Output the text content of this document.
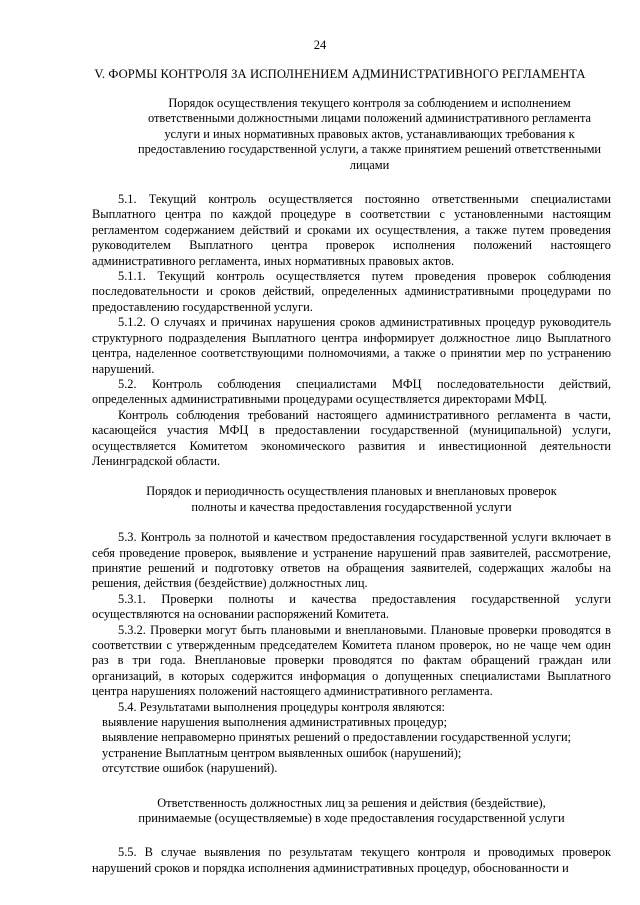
24
V. ФОРМЫ КОНТРОЛЯ ЗА ИСПОЛНЕНИЕМ АДМИНИСТРАТИВНОГО РЕГЛАМЕНТА

Порядок осуществления текущего контроля за соблюдением и исполнением ответственными должностными лицами положений административного регламента услуги и иных нормативных правовых актов, устанавливающих требования к предоставлению государственной услуги, а также принятием решений ответственными лицами

5.1. Текущий контроль осуществляется постоянно ответственными специалистами Выплатного центра по каждой процедуре в соответствии с установленными настоящим регламентом содержанием действий и сроками их осуществления, а также путем проведения руководителем Выплатного центра проверок исполнения положений настоящего административного регламента, иных нормативных правовых актов.

5.1.1. Текущий контроль осуществляется путем проведения проверок соблюдения последовательности и сроков действий, определенных административными процедурами по предоставлению государственной услуги.

5.1.2. О случаях и причинах нарушения сроков административных процедур руководитель структурного подразделения Выплатного центра информирует должностное лицо Выплатного центра, наделенное соответствующими полномочиями, а также о принятии мер по устранению нарушений.

5.2. Контроль соблюдения специалистами МФЦ последовательности действий, определенных административными процедурами осуществляется директорами МФЦ.

Контроль соблюдения требований настоящего административного регламента в части, касающейся участия МФЦ в предоставлении государственной (муниципальной) услуги, осуществляется Комитетом экономического развития и инвестиционной деятельности Ленинградской области.

Порядок и периодичность осуществления плановых и внеплановых проверок полноты и качества предоставления государственной услуги

5.3. Контроль за полнотой и качеством предоставления государственной услуги включает в себя проведение проверок, выявление и устранение нарушений прав заявителей, рассмотрение, принятие решений и подготовку ответов на обращения заявителей, содержащих жалобы на решения, действия (бездействие) должностных лиц.

5.3.1. Проверки полноты и качества предоставления государственной услуги осуществляются на основании распоряжений Комитета.

5.3.2. Проверки могут быть плановыми и внеплановыми. Плановые проверки проводятся в соответствии с утвержденным председателем Комитета планом проверок, но не чаще чем один раз в три года. Внеплановые проверки проводятся по фактам обращений граждан или организаций, в которых содержится информация о допущенных специалистами Выплатного центра нарушениях положений настоящего административного регламента.

5.4. Результатами выполнения процедуры контроля являются:

выявление нарушения выполнения административных процедур;

выявление неправомерно принятых решений о предоставлении государственной услуги;

устранение Выплатным центром выявленных ошибок (нарушений);

отсутствие ошибок (нарушений).

Ответственность должностных лиц за решения и действия (бездействие), принимаемые (осуществляемые) в ходе предоставления государственной услуги

5.5. В случае выявления по результатам текущего контроля и проводимых проверок нарушений сроков и порядка исполнения административных процедур, обоснованности и
